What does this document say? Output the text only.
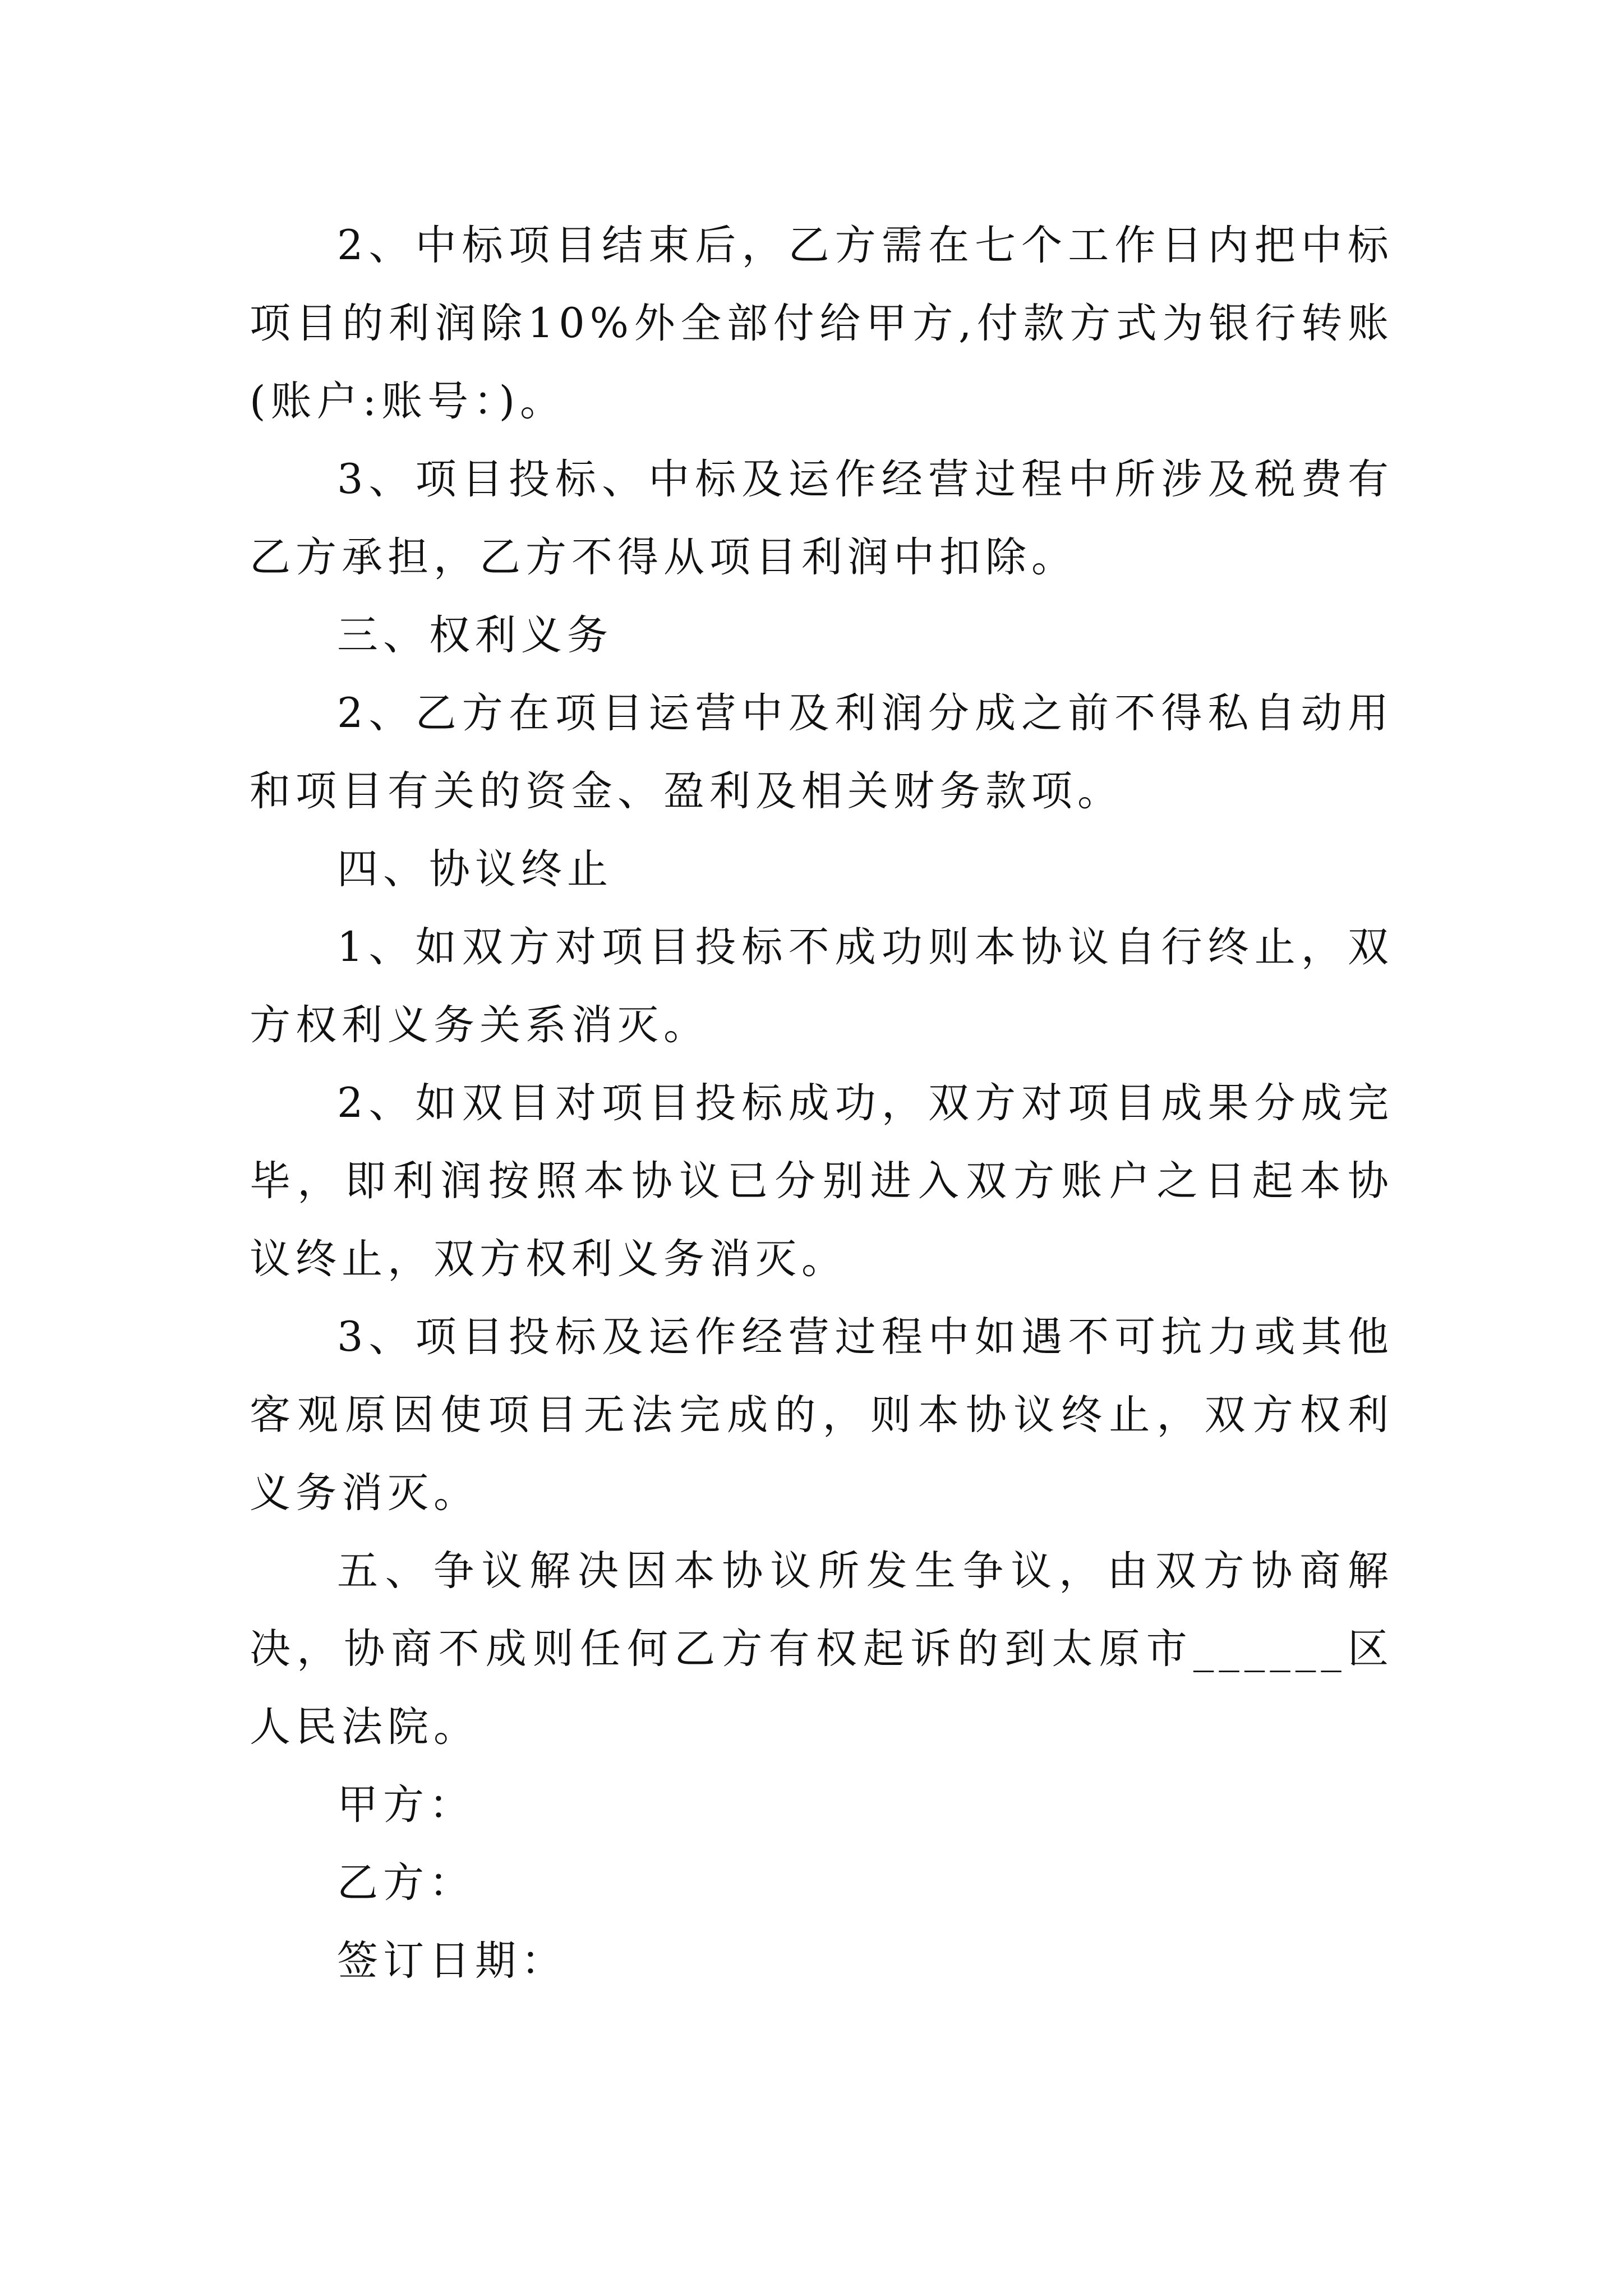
2、中标项目结束后，乙方需在七个工作日内把中标项目的利润除10%外全部付给甲方,付款方式为银行转账(账户:账号：)。

3、项目投标、中标及运作经营过程中所涉及税费有乙方承担，乙方不得从项目利润中扣除。

三、权利义务

2、乙方在项目运营中及利润分成之前不得私自动用和项目有关的资金、盈利及相关财务款项。

四、协议终止

1、如双方对项目投标不成功则本协议自行终止，双方权利义务关系消灭。

2、如双目对项目投标成功，双方对项目成果分成完毕，即利润按照本协议已分别进入双方账户之日起本协议终止，双方权利义务消灭。

3、项目投标及运作经营过程中如遇不可抗力或其他客观原因使项目无法完成的，则本协议终止，双方权利义务消灭。

五、争议解决因本协议所发生争议，由双方协商解决，协商不成则任何乙方有权起诉的到太原市______区人民法院。

甲方：

乙方：

签订日期：
